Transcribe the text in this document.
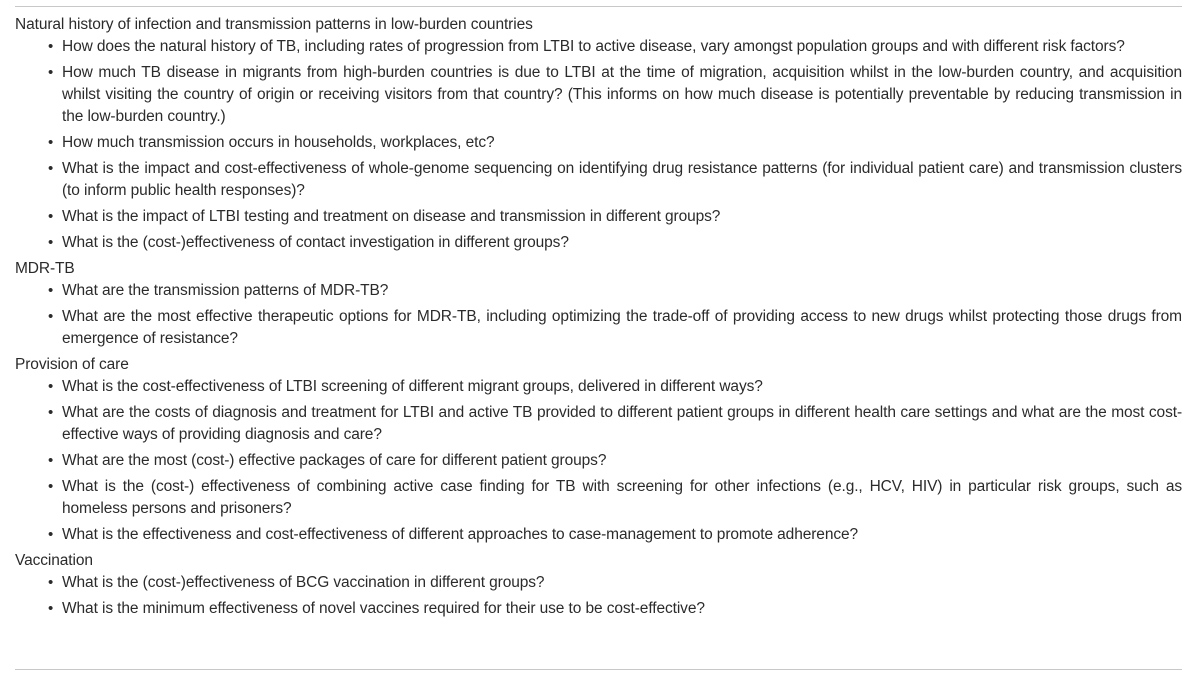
Natural history of infection and transmission patterns in low-burden countries

• How does the natural history of TB, including rates of progression from LTBI to active disease, vary amongst population groups and with different risk factors?
• How much TB disease in migrants from high-burden countries is due to LTBI at the time of migration, acquisition whilst in the low-burden country, and acquisition whilst visiting the country of origin or receiving visitors from that country? (This informs on how much disease is potentially preventable by reducing transmission in the low-burden country.)
• How much transmission occurs in households, workplaces, etc?
• What is the impact and cost-effectiveness of whole-genome sequencing on identifying drug resistance patterns (for individual patient care) and transmission clusters (to inform public health responses)?
• What is the impact of LTBI testing and treatment on disease and transmission in different groups?
• What is the (cost-)effectiveness of contact investigation in different groups?

MDR-TB

• What are the transmission patterns of MDR-TB?
• What are the most effective therapeutic options for MDR-TB, including optimizing the trade-off of providing access to new drugs whilst protecting those drugs from emergence of resistance?

Provision of care

• What is the cost-effectiveness of LTBI screening of different migrant groups, delivered in different ways?
• What are the costs of diagnosis and treatment for LTBI and active TB provided to different patient groups in different health care settings and what are the most cost-effective ways of providing diagnosis and care?
• What are the most (cost-) effective packages of care for different patient groups?
• What is the (cost-) effectiveness of combining active case finding for TB with screening for other infections (e.g., HCV, HIV) in particular risk groups, such as homeless persons and prisoners?
• What is the effectiveness and cost-effectiveness of different approaches to case-management to promote adherence?

Vaccination

• What is the (cost-)effectiveness of BCG vaccination in different groups?
• What is the minimum effectiveness of novel vaccines required for their use to be cost-effective?
